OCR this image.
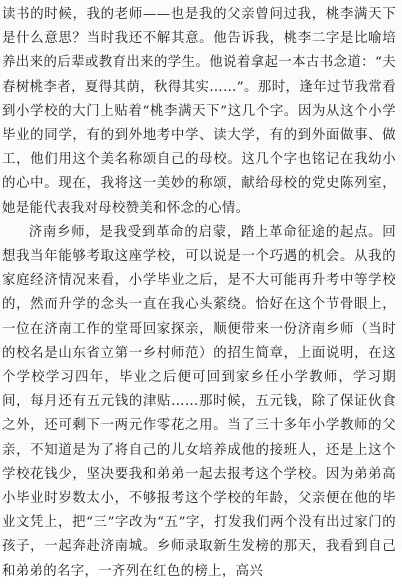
读书的时候，我的老师——也是我的父亲曾问过我，桃李满天下是什么意思？当时我还不解其意。他告诉我，桃李二字是比喻培养出来的后辈或教育出来的学生。他说着拿起一本古书念道：“夫春树桃李者，夏得其荫，秋得其实……”。那时，逢年过节我常看到小学校的大门上贴着“桃李满天下”这几个字。因为从这个小学毕业的同学，有的到外地考中学、读大学，有的到外面做事、做工，他们用这个美名称颂自己的母校。这几个字也铭记在我幼小的心中。现在，我将这一美妙的称颂，献给母校的党史陈列室，她是能代表我对母校赞美和怀念的心情。

济南乡师，是我受到革命的启蒙，踏上革命征途的起点。回想我当年能够考取这座学校，可以说是一个巧遇的机会。从我的家庭经济情况来看，小学毕业之后，是不大可能再升考中等学校的，然而升学的念头一直在我心头萦绕。恰好在这个节骨眼上，一位在济南工作的堂哥回家探亲，顺便带来一份济南乡师（当时的校名是山东省立第一乡村师范）的招生简章，上面说明，在这个学校学习四年，毕业之后便可回到家乡任小学教师，学习期间，每月还有五元钱的津贴……那时候，五元钱，除了保证伙食之外，还可剩下一两元作零花之用。当了三十多年小学教师的父亲，不知道是为了将自己的儿女培养成他的接班人，还是上这个学校花钱少，坚决要我和弟弟一起去报考这个学校。因为弟弟高小毕业时岁数太小，不够报考这个学校的年龄，父亲便在他的毕业文凭上，把“三”字改为“五”字，打发我们两个没有出过家门的孩子，一起奔赴济南城。乡师录取新生发榜的那天，我看到自己和弟弟的名字，一齐列在红色的榜上，高兴
